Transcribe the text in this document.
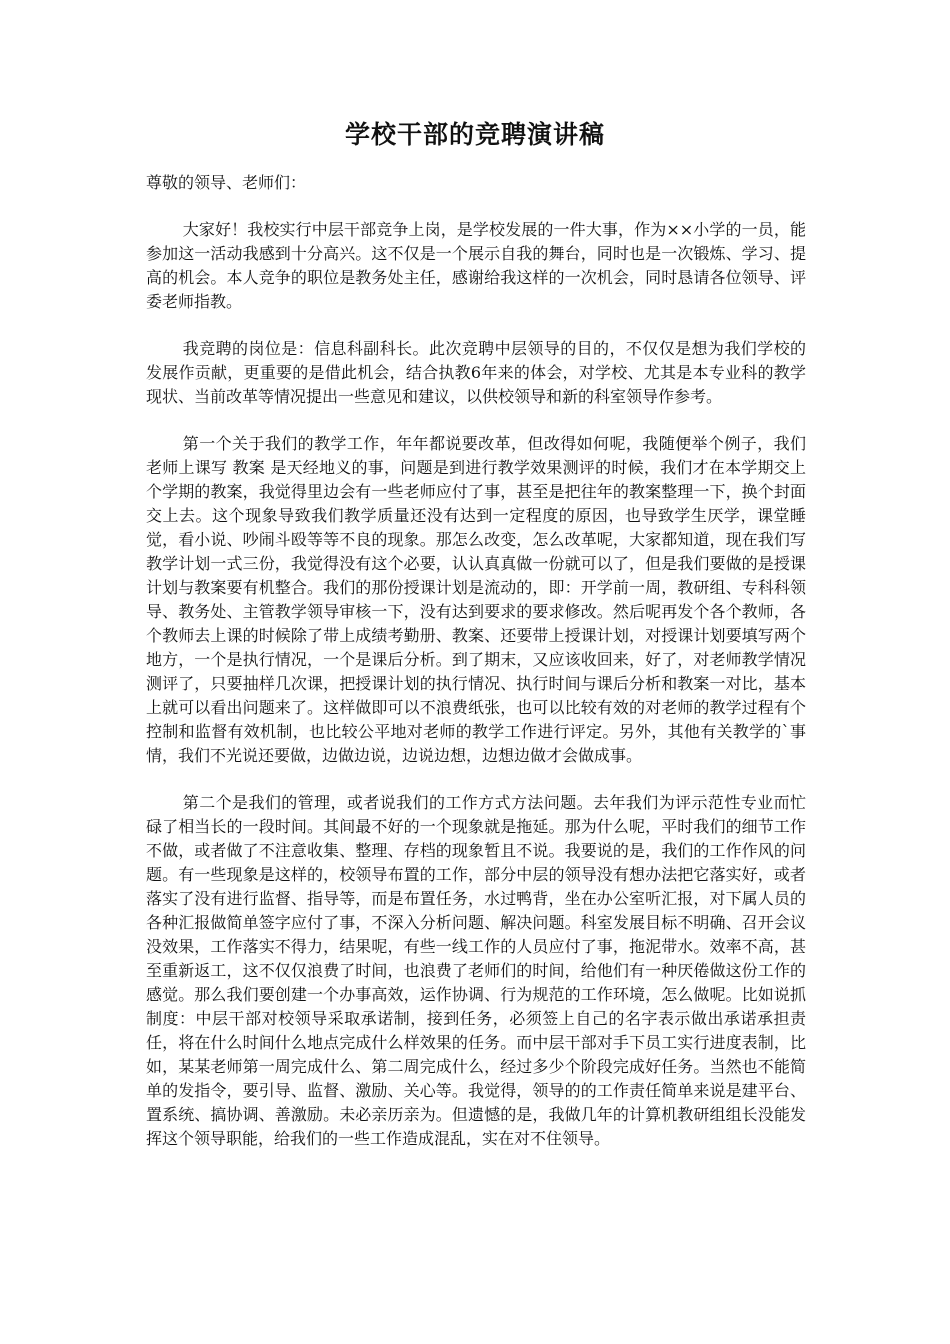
学校干部的竞聘演讲稿

尊敬的领导、老师们：

大家好！我校实行中层干部竞争上岗，是学校发展的一件大事，作为××小学的一员，能参加这一活动我感到十分高兴。这不仅是一个展示自我的舞台，同时也是一次锻炼、学习、提高的机会。本人竞争的职位是教务处主任，感谢给我这样的一次机会，同时恳请各位领导、评委老师指教。

我竞聘的岗位是：信息科副科长。此次竞聘中层领导的目的，不仅仅是想为我们学校的发展作贡献，更重要的是借此机会，结合执教6年来的体会，对学校、尤其是本专业科的教学现状、当前改革等情况提出一些意见和建议，以供校领导和新的科室领导作参考。

第一个关于我们的教学工作，年年都说要改革，但改得如何呢，我随便举个例子，我们老师上课写 教案 是天经地义的事，问题是到进行教学效果测评的时候，我们才在本学期交上个学期的教案，我觉得里边会有一些老师应付了事，甚至是把往年的教案整理一下，换个封面交上去。这个现象导致我们教学质量还没有达到一定程度的原因，也导致学生厌学，课堂睡觉，看小说、吵闹斗殴等等不良的现象。那怎么改变，怎么改革呢，大家都知道，现在我们写教学计划一式三份，我觉得没有这个必要，认认真真做一份就可以了，但是我们要做的是授课计划与教案要有机整合。我们的那份授课计划是流动的，即：开学前一周，教研组、专科科领导、教务处、主管教学领导审核一下，没有达到要求的要求修改。然后呢再发个各个教师，各个教师去上课的时候除了带上成绩考勤册、教案、还要带上授课计划，对授课计划要填写两个地方，一个是执行情况，一个是课后分析。到了期末，又应该收回来，好了，对老师教学情况测评了，只要抽样几次课，把授课计划的执行情况、执行时间与课后分析和教案一对比，基本上就可以看出问题来了。这样做即可以不浪费纸张，也可以比较有效的对老师的教学过程有个控制和监督有效机制，也比较公平地对老师的教学工作进行评定。另外，其他有关教学的`事情，我们不光说还要做，边做边说，边说边想，边想边做才会做成事。

第二个是我们的管理，或者说我们的工作方式方法问题。去年我们为评示范性专业而忙碌了相当长的一段时间。其间最不好的一个现象就是拖延。那为什么呢，平时我们的细节工作不做，或者做了不注意收集、整理、存档的现象暂且不说。我要说的是，我们的工作作风的问题。有一些现象是这样的，校领导布置的工作，部分中层的领导没有想办法把它落实好，或者落实了没有进行监督、指导等，而是布置任务，水过鸭背，坐在办公室听汇报，对下属人员的各种汇报做简单签字应付了事，不深入分析问题、解决问题。科室发展目标不明确、召开会议没效果，工作落实不得力，结果呢，有些一线工作的人员应付了事，拖泥带水。效率不高，甚至重新返工，这不仅仅浪费了时间，也浪费了老师们的时间，给他们有一种厌倦做这份工作的感觉。那么我们要创建一个办事高效，运作协调、行为规范的工作环境，怎么做呢。比如说抓制度：中层干部对校领导采取承诺制，接到任务，必须签上自己的名字表示做出承诺承担责任，将在什么时间什么地点完成什么样效果的任务。而中层干部对手下员工实行进度表制，比如，某某老师第一周完成什么、第二周完成什么，经过多少个阶段完成好任务。当然也不能简单的发指令，要引导、监督、激励、关心等。我觉得，领导的的工作责任简单来说是建平台、置系统、搞协调、善激励。未必亲历亲为。但遗憾的是，我做几年的计算机教研组组长没能发挥这个领导职能，给我们的一些工作造成混乱，实在对不住领导。
